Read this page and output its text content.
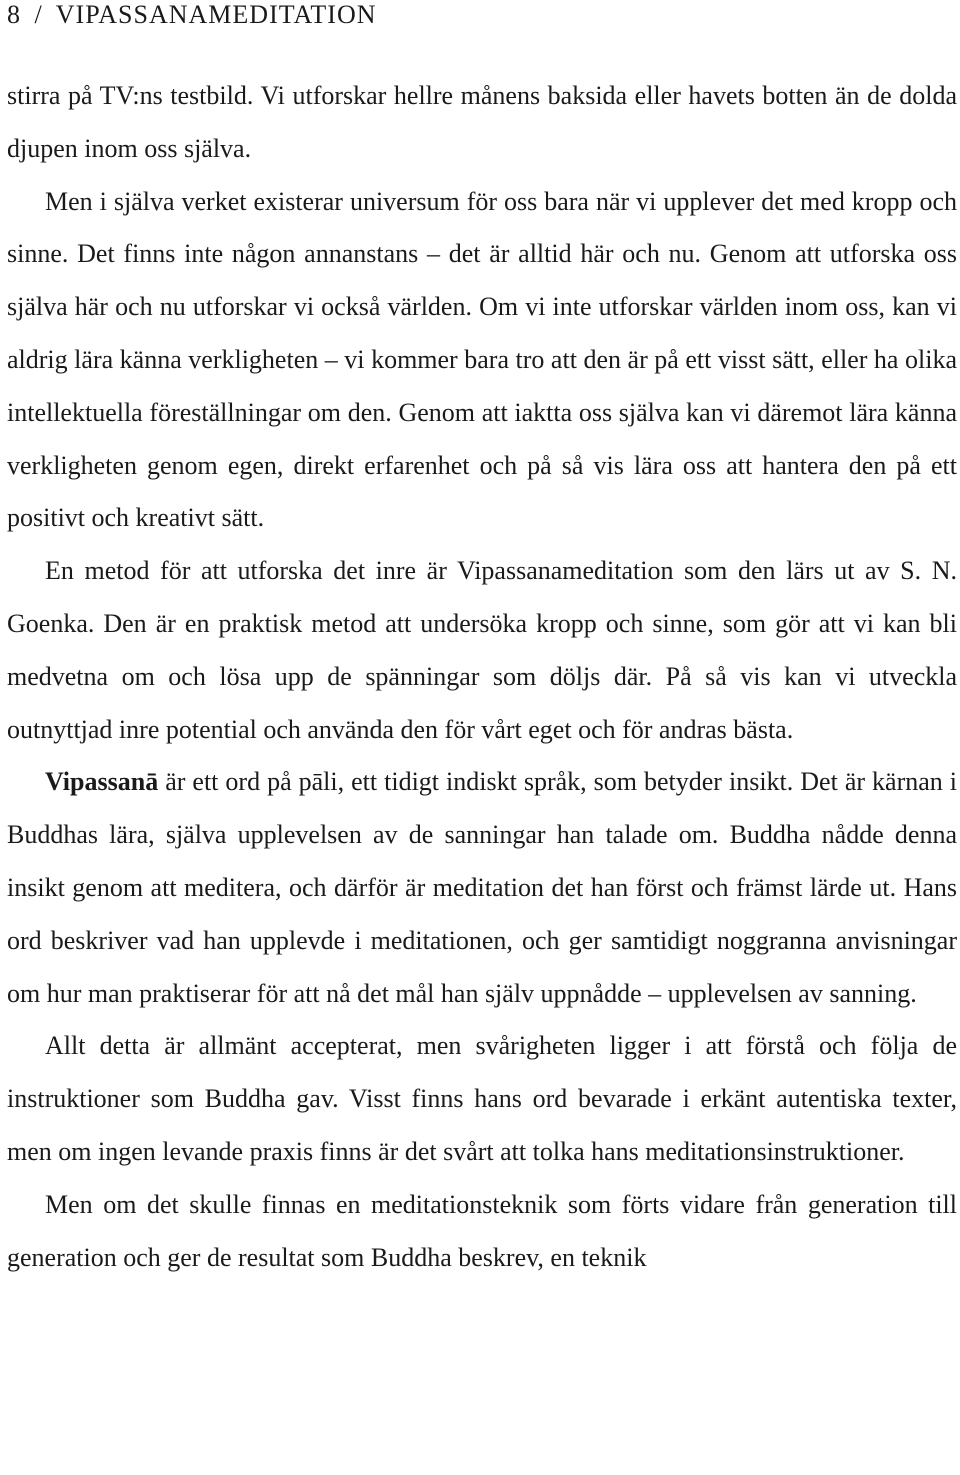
8 / VIPASSANAMEDITATION

stirra på TV:ns testbild. Vi utforskar hellre månens baksida eller havets botten än de dolda djupen inom oss själva.

Men i själva verket existerar universum för oss bara när vi upplever det med kropp och sinne. Det finns inte någon annanstans – det är alltid här och nu. Genom att utforska oss själva här och nu utforskar vi också världen. Om vi inte utforskar världen inom oss, kan vi aldrig lära känna verkligheten – vi kommer bara tro att den är på ett visst sätt, eller ha olika intellektuella föreställningar om den. Genom att iaktta oss själva kan vi däremot lära känna verkligheten genom egen, direkt erfarenhet och på så vis lära oss att hantera den på ett positivt och kreativt sätt.

En metod för att utforska det inre är Vipassanameditation som den lärs ut av S. N. Goenka. Den är en praktisk metod att undersöka kropp och sinne, som gör att vi kan bli medvetna om och lösa upp de spänningar som döljs där. På så vis kan vi utveckla outnyttjad inre potential och använda den för vårt eget och för andras bästa.

Vipassanā är ett ord på pāli, ett tidigt indiskt språk, som betyder insikt. Det är kärnan i Buddhas lära, själva upplevelsen av de sanningar han talade om. Buddha nådde denna insikt genom att meditera, och därför är meditation det han först och främst lärde ut. Hans ord beskriver vad han upplevde i meditationen, och ger samtidigt noggranna anvisningar om hur man praktiserar för att nå det mål han själv uppnådde – upplevelsen av sanning.

Allt detta är allmänt accepterat, men svårigheten ligger i att förstå och följa de instruktioner som Buddha gav. Visst finns hans ord bevarade i erkänt autentiska texter, men om ingen levande praxis finns är det svårt att tolka hans meditationsinstruktioner.

Men om det skulle finnas en meditationsteknik som förts vidare från generation till generation och ger de resultat som Buddha beskrev, en teknik
